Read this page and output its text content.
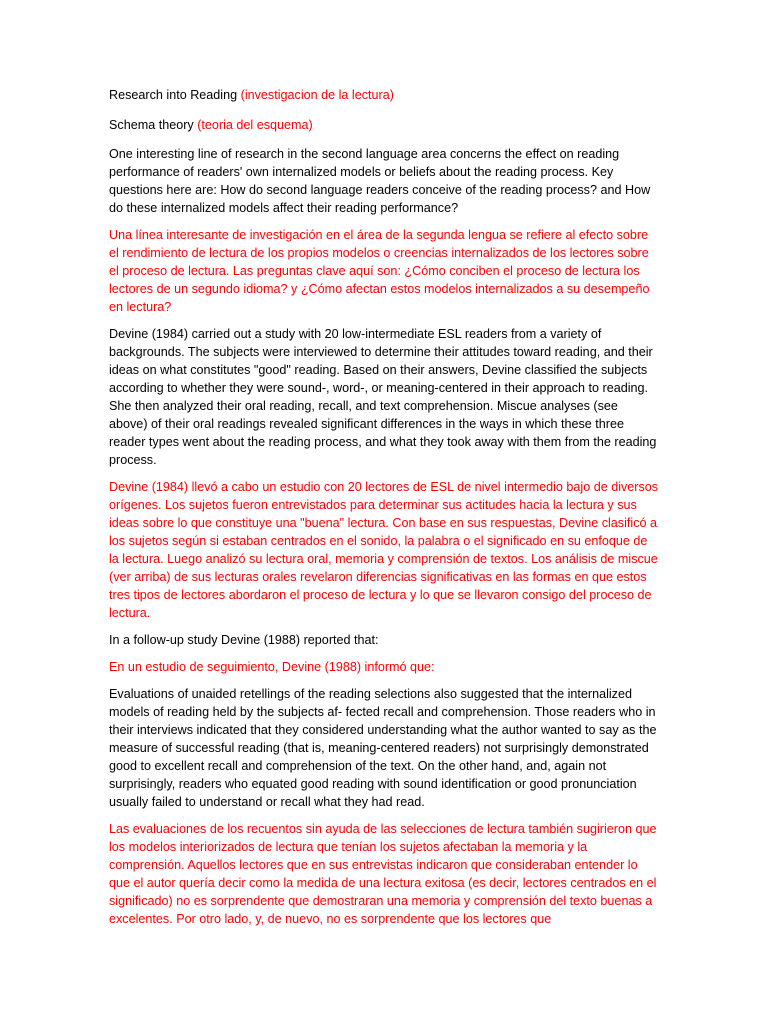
Research into Reading (investigacion de la lectura)

Schema theory (teoria del esquema)

One interesting line of research in the second language area concerns the effect on reading performance of readers' own internalized models or beliefs about the reading process. Key questions here are: How do second language readers conceive of the reading process? and How do these internalized models affect their reading performance?

Una línea interesante de investigación en el área de la segunda lengua se refiere al efecto sobre el rendimiento de lectura de los propios modelos o creencias internalizados de los lectores sobre el proceso de lectura. Las preguntas clave aquí son: ¿Cómo conciben el proceso de lectura los lectores de un segundo idioma? y ¿Cómo afectan estos modelos internalizados a su desempeño en lectura?

Devine (1984) carried out a study with 20 low-intermediate ESL readers from a variety of backgrounds. The subjects were interviewed to determine their attitudes toward reading, and their ideas on what constitutes "good" reading. Based on their answers, Devine classified the subjects according to whether they were sound-, word-, or meaning-centered in their approach to reading. She then analyzed their oral reading, recall, and text comprehension. Miscue analyses (see above) of their oral readings revealed significant differences in the ways in which these three reader types went about the reading process, and what they took away with them from the reading process.

Devine (1984) llevó a cabo un estudio con 20 lectores de ESL de nivel intermedio bajo de diversos orígenes. Los sujetos fueron entrevistados para determinar sus actitudes hacia la lectura y sus ideas sobre lo que constituye una "buena" lectura. Con base en sus respuestas, Devine clasificó a los sujetos según si estaban centrados en el sonido, la palabra o el significado en su enfoque de la lectura. Luego analizó su lectura oral, memoria y comprensión de textos. Los análisis de miscue (ver arriba) de sus lecturas orales revelaron diferencias significativas en las formas en que estos tres tipos de lectores abordaron el proceso de lectura y lo que se llevaron consigo del proceso de lectura.

In a follow-up study Devine (1988) reported that:

En un estudio de seguimiento, Devine (1988) informó que:

Evaluations of unaided retellings of the reading selections also suggested that the internalized models of reading held by the subjects af- fected recall and comprehension. Those readers who in their interviews indicated that they considered understanding what the author wanted to say as the measure of successful reading (that is, meaning-centered readers) not surprisingly demonstrated good to excellent recall and comprehension of the text. On the other hand, and, again not surprisingly, readers who equated good reading with sound identification or good pronunciation usually failed to understand or recall what they had read.

Las evaluaciones de los recuentos sin ayuda de las selecciones de lectura también sugirieron que los modelos interiorizados de lectura que tenían los sujetos afectaban la memoria y la comprensión. Aquellos lectores que en sus entrevistas indicaron que consideraban entender lo que el autor quería decir como la medida de una lectura exitosa (es decir, lectores centrados en el significado) no es sorprendente que demostraran una memoria y comprensión del texto buenas a excelentes. Por otro lado, y, de nuevo, no es sorprendente que los lectores que
